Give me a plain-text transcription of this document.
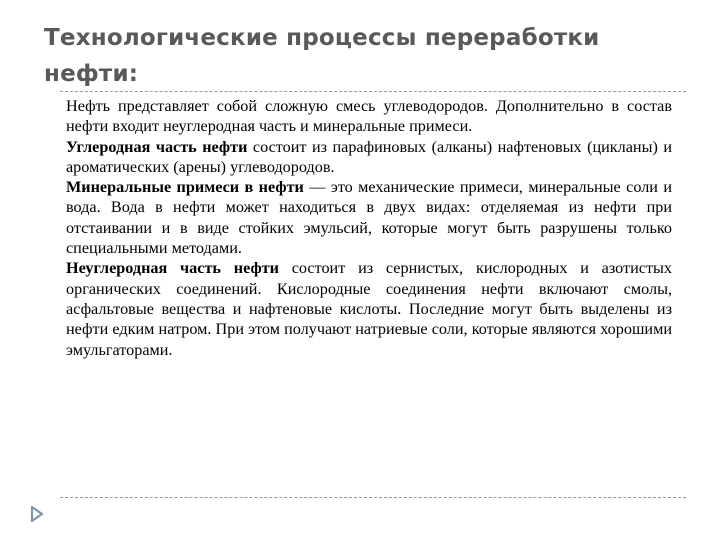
Технологические процессы переработки нефти:

Нефть представляет собой сложную смесь углеводородов. Дополнительно в состав нефти входит неуглеродная часть и минеральные примеси.

Углеродная часть нефти состоит из парафиновых (алканы) нафтеновых (цикланы) и ароматических (арены) углеводородов.

Минеральные примеси в нефти — это механические примеси, минеральные соли и вода. Вода в нефти может находиться в двух видах: отделяемая из нефти при отстаивании и в виде стойких эмульсий, которые могут быть разрушены только специальными методами.

Неуглеродная часть нефти состоит из сернистых, кислородных и азотистых органических соединений. Кислородные соединения нефти включают смолы, асфальтовые вещества и нафтеновые кислоты. Последние могут быть выделены из нефти едким натром. При этом получают натриевые соли, которые являются хорошими эмульгаторами.
